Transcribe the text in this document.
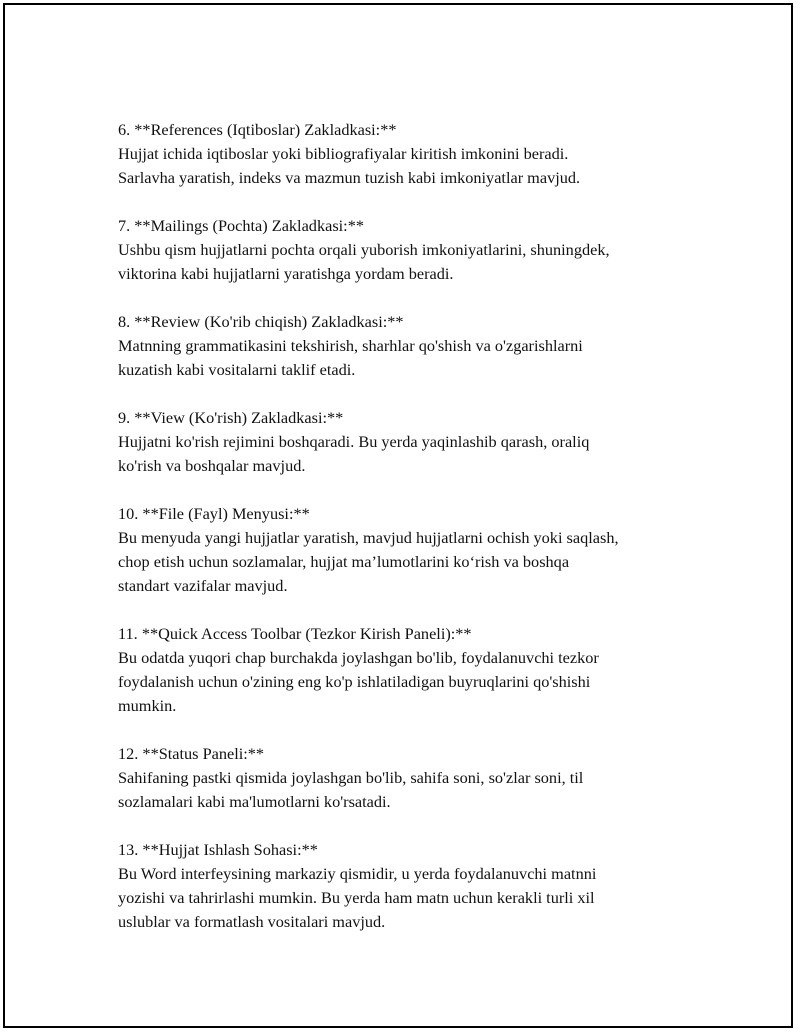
6. **References (Iqtiboslar) Zakladkasi:**

Hujjat ichida iqtiboslar yoki bibliografiyalar kiritish imkonini beradi.
Sarlavha yaratish, indeks va mazmun tuzish kabi imkoniyatlar mavjud.

7. **Mailings (Pochta) Zakladkasi:**

Ushbu qism hujjatlarni pochta orqali yuborish imkoniyatlarini, shuningdek,
viktorina kabi hujjatlarni yaratishga yordam beradi.

8. **Review (Ko'rib chiqish) Zakladkasi:**

Matnning grammatikasini tekshirish, sharhlar qo'shish va o'zgarishlarni
kuzatish kabi vositalarni taklif etadi.

9. **View (Ko'rish) Zakladkasi:**

Hujjatni ko'rish rejimini boshqaradi. Bu yerda yaqinlashib qarash, oraliq
ko'rish va boshqalar mavjud.

10. **File (Fayl) Menyusi:**

Bu menyuda yangi hujjatlar yaratish, mavjud hujjatlarni ochish yoki saqlash,
chop etish uchun sozlamalar, hujjat ma’lumotlarini ko‘rish va boshqa
standart vazifalar mavjud.

11. **Quick Access Toolbar (Tezkor Kirish Paneli):**

Bu odatda yuqori chap burchakda joylashgan bo'lib, foydalanuvchi tezkor
foydalanish uchun o'zining eng ko'p ishlatiladigan buyruqlarini qo'shishi
mumkin.

12. **Status Paneli:**

Sahifaning pastki qismida joylashgan bo'lib, sahifa soni, so'zlar soni, til
sozlamalari kabi ma'lumotlarni ko'rsatadi.

13. **Hujjat Ishlash Sohasi:**

Bu Word interfeysining markaziy qismidir, u yerda foydalanuvchi matnni
yozishi va tahrirlashi mumkin. Bu yerda ham matn uchun kerakli turli xil
uslublar va formatlash vositalari mavjud.
